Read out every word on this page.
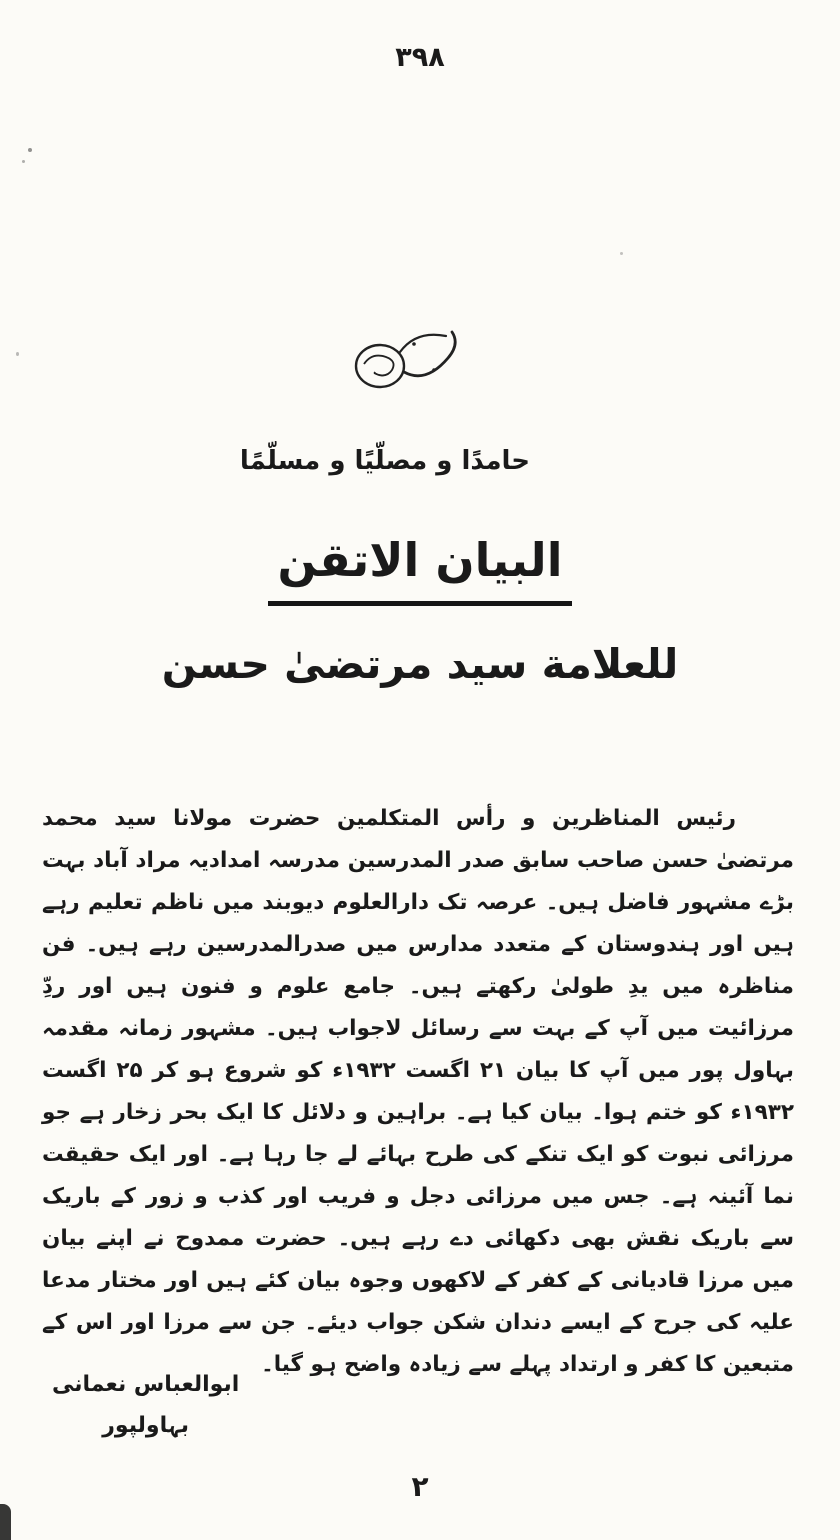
۳۹۸
حامدًا و مصلّیًا و مسلّمًا
البیان الاتقن
للعلامة سید مرتضیٰ حسن

رئیس المناظرین و رأس المتکلمین حضرت مولانا سید محمد مرتضیٰ حسن صاحب سابق صدر المدرسین مدرسہ امدادیہ مراد آباد بہت بڑے مشہور فاضل ہیں۔ عرصہ تک دارالعلوم دیوبند میں ناظم تعلیم رہے ہیں اور ہندوستان کے متعدد مدارس میں صدرالمدرسین رہے ہیں۔ فن مناظرہ میں یدِ طولیٰ رکھتے ہیں۔ جامع علوم و فنون ہیں اور ردِّ مرزائیت میں آپ کے بہت سے رسائل لاجواب ہیں۔ مشہور زمانہ مقدمہ بہاول پور میں آپ کا بیان ۲۱ اگست ۱۹۳۲ء کو شروع ہو کر ۲۵ اگست ۱۹۳۲ء کو ختم ہوا۔ بیان کیا ہے۔ براہین و دلائل کا ایک بحر زخار ہے جو مرزائی نبوت کو ایک تنکے کی طرح بہائے لے جا رہا ہے۔ اور ایک حقیقت نما آئینہ ہے۔ جس میں مرزائی دجل و فریب اور کذب و زور کے باریک سے باریک نقش بھی دکھائی دے رہے ہیں۔ حضرت ممدوح نے اپنے بیان میں مرزا قادیانی کے کفر کے لاکھوں وجوہ بیان کئے ہیں اور مختار مدعا علیہ کی جرح کے ایسے دندان شکن جواب دیئے۔ جن سے مرزا اور اس کے متبعین کا کفر و ارتداد پہلے سے زیادہ واضح ہو گیا۔

ابوالعباس نعمانی
بہاولپور
۲
